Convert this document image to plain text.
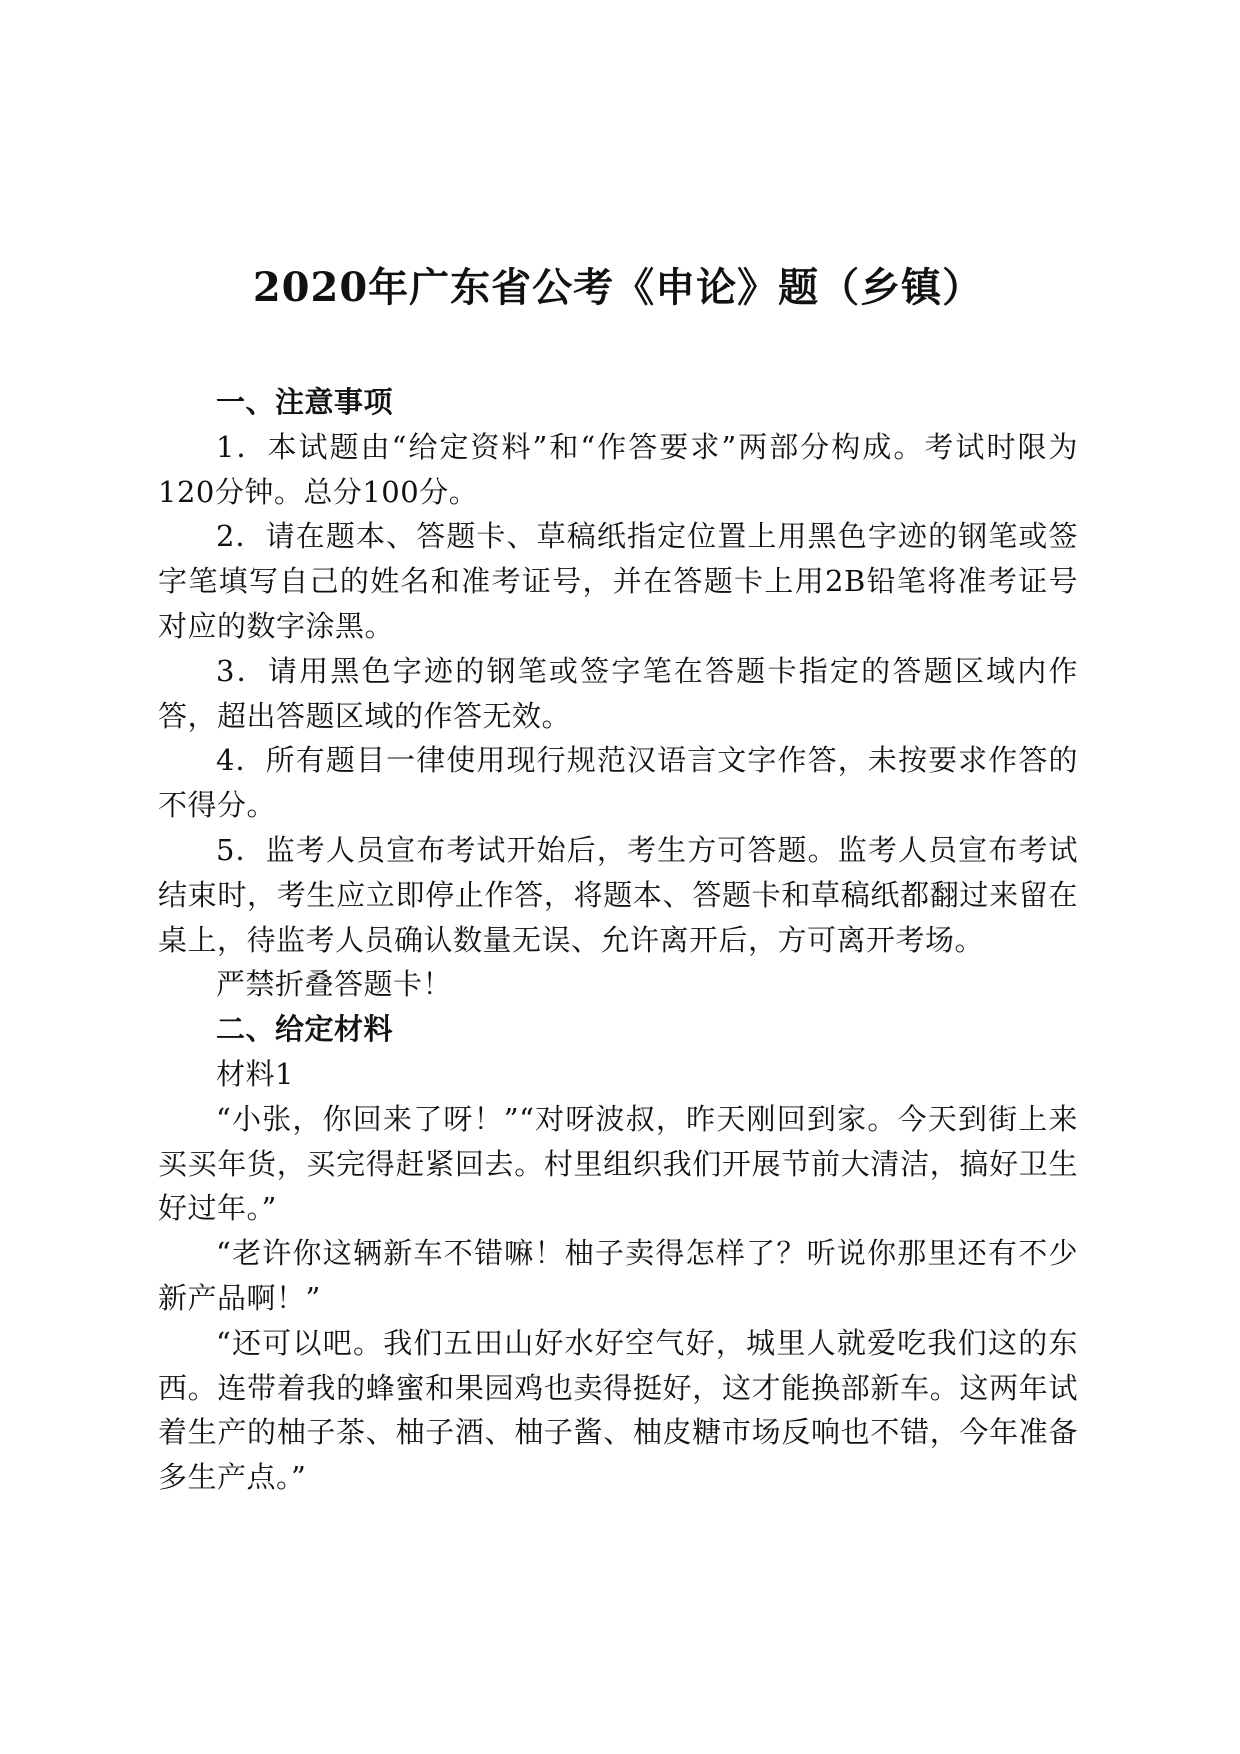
2020年广东省公考《申论》题（乡镇）

一、注意事项

1．本试题由“给定资料”和“作答要求”两部分构成。考试时限为120分钟。总分100分。

2．请在题本、答题卡、草稿纸指定位置上用黑色字迹的钢笔或签字笔填写自己的姓名和准考证号，并在答题卡上用2B铅笔将准考证号对应的数字涂黑。

3．请用黑色字迹的钢笔或签字笔在答题卡指定的答题区域内作答，超出答题区域的作答无效。

4．所有题目一律使用现行规范汉语言文字作答，未按要求作答的不得分。

5．监考人员宣布考试开始后，考生方可答题。监考人员宣布考试结束时，考生应立即停止作答，将题本、答题卡和草稿纸都翻过来留在桌上，待监考人员确认数量无误、允许离开后，方可离开考场。

严禁折叠答题卡！

二、给定材料

材料1

“小张，你回来了呀！”“对呀波叔，昨天刚回到家。今天到街上来买买年货，买完得赶紧回去。村里组织我们开展节前大清洁，搞好卫生好过年。”

“老许你这辆新车不错嘛！柚子卖得怎样了？听说你那里还有不少新产品啊！”

“还可以吧。我们五田山好水好空气好，城里人就爱吃我们这的东西。连带着我的蜂蜜和果园鸡也卖得挺好，这才能换部新车。这两年试着生产的柚子茶、柚子酒、柚子酱、柚皮糖市场反响也不错，今年准备多生产点。”
